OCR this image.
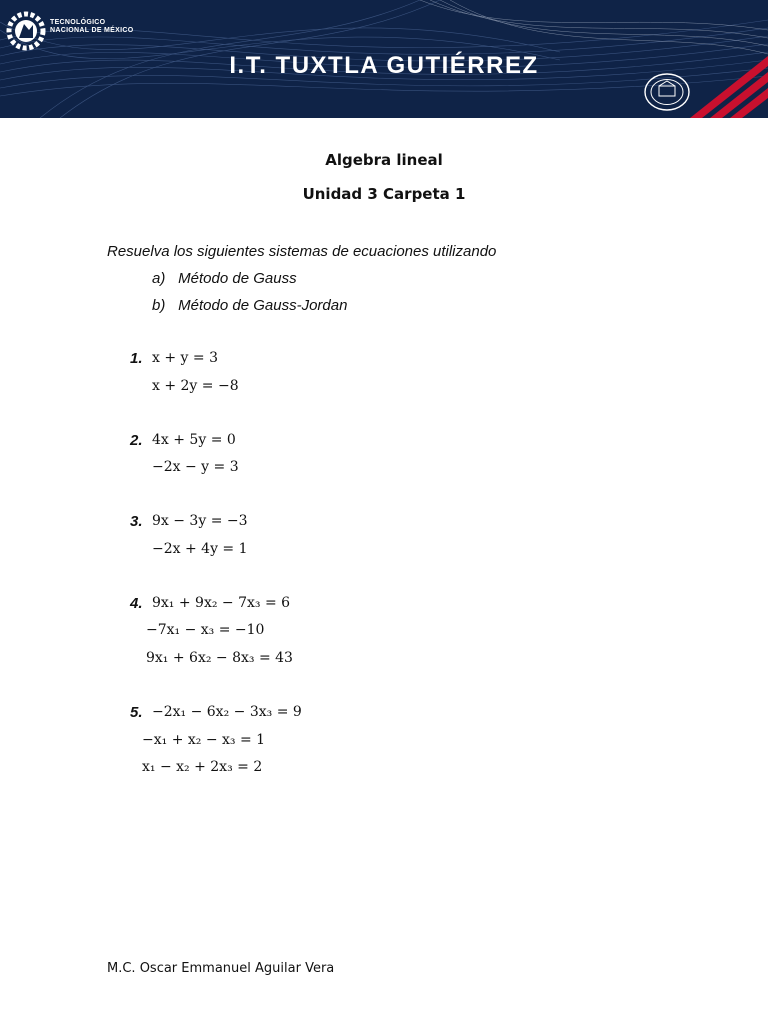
TECNOLÓGICO
NACIONAL DE MÉXICO
I.T. TUXTLA GUTIÉRREZ
Algebra lineal
Unidad 3 Carpeta 1
Resuelva los siguientes sistemas de ecuaciones utilizando
a) Método de Gauss
b) Método de Gauss-Jordan
1. x + y = 3
x + 2y = −8
2. 4x + 5y = 0
−2x − y = 3
3. 9x − 3y = −3
−2x + 4y = 1
4. 9x₁ + 9x₂ − 7x₃ = 6
−7x₁ − x₃ = −10
9x₁ + 6x₂ − 8x₃ = 43
5. −2x₁ − 6x₂ − 3x₃ = 9
−x₁ + x₂ − x₃ = 1
x₁ − x₂ + 2x₃ = 2
M.C. Oscar Emmanuel Aguilar Vera
